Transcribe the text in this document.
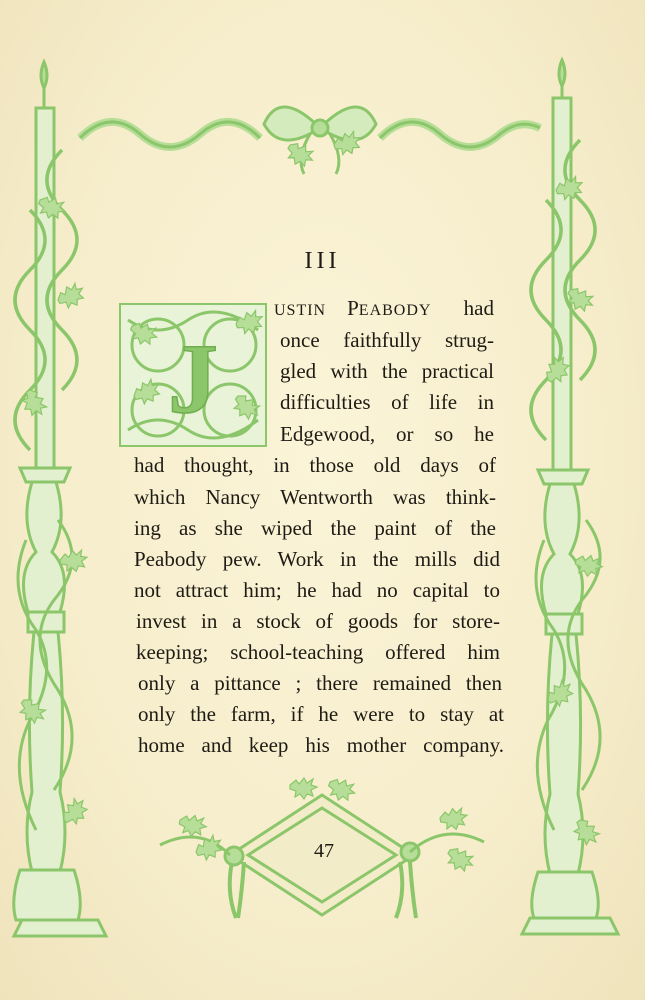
III
J
USTIN PEABODY had
once faithfully strug-
gled with the practical
difficulties of life in
Edgewood, or so he
had thought, in those old days of
which Nancy Wentworth was think-
ing as she wiped the paint of the
Peabody pew. Work in the mills did
not attract him; he had no capital to
invest in a stock of goods for store-
keeping; school-teaching offered him
only a pittance ; there remained then
only the farm, if he were to stay at
home and keep his mother company.
47
